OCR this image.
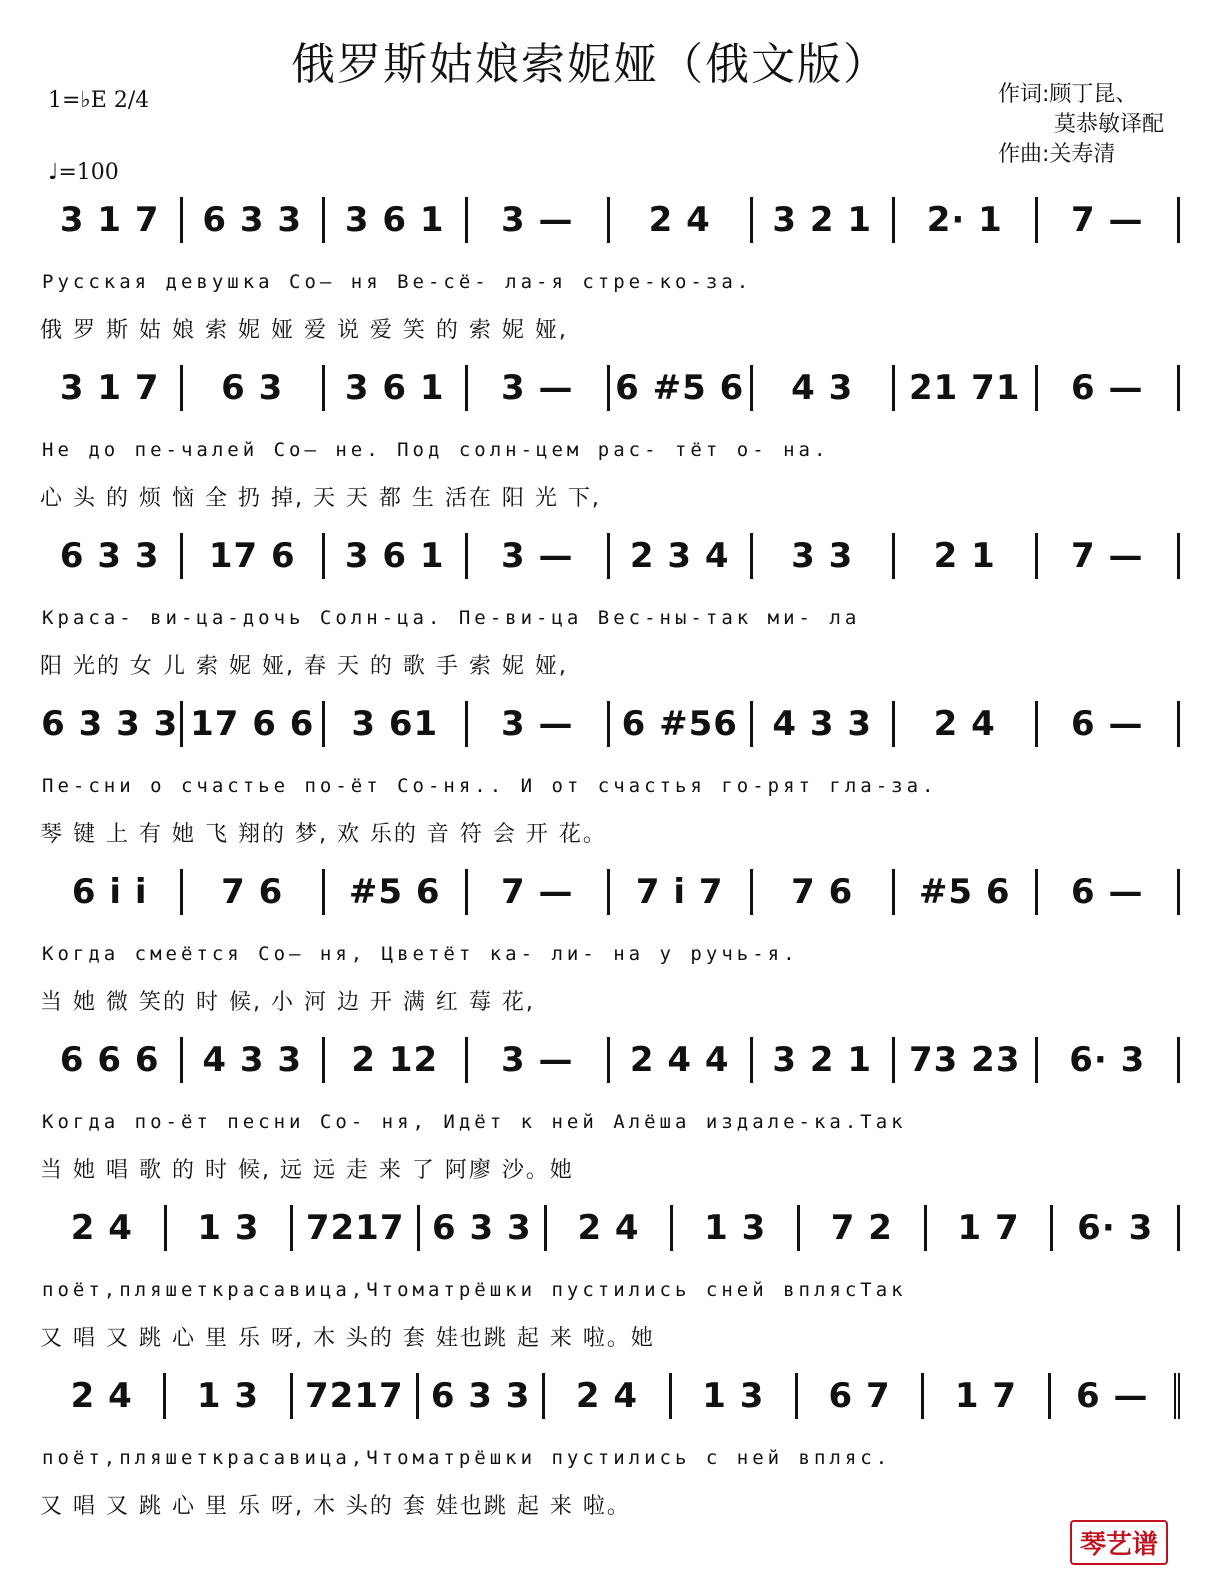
俄罗斯姑娘索妮娅（俄文版）
作词:顾丁昆、
莫恭敏译配
作曲:关寿清
1=♭E 2/4
♩=100
3 1 7	6 3 3	3 6 1	3 —	2 4	3 2 1	2· 1	7 —
Русская девушка Со– ня Ве-сё- ла-я стре-ко-за.
俄 罗 斯 姑 娘 索 妮 娅 爱 说 爱 笑 的 索 妮 娅,
3 1 7	6 3	3 6 1	3 —	6 #5 6	4 3	21 71	6 —
Не до пе-чалей Со– не. Под солн-цем рас- тёт о- на.
心 头 的 烦 恼 全 扔 掉, 天 天 都 生 活在 阳 光 下,
6 3 3	17 6	3 6 1	3 —	2 3 4	3 3	2 1	7 —
Краса- ви-ца-дочь Солн-ца. Пе-ви-ца Вес-ны-так ми- ла
阳 光的 女 儿 索 妮 娅, 春 天 的 歌 手 索 妮 娅,
6 3 3 3 17 6 6	3 61	3 —	6 #56	4 3 3	2 4	6 —
Пе-сни о счастье по-ёт Со-ня.. И от счастья го-рят гла-за.
琴 键 上 有 她 飞 翔的 梦, 欢 乐的 音 符 会 开 花。
6 i i	7 6	#5 6	7 —	7 i 7	7 6	#5 6	6 —
Когда смеётся Со– ня, Цветёт ка- ли- на у ручь-я.
当 她 微 笑的 时 候, 小 河 边 开 满 红 莓 花,
6 6 6	4 3 3	2 12	3 —	2 4 4	3 2 1	73 23	6· 3
Когда по-ёт песни Со- ня, Идёт к ней Алёша издале-ка.Так
当 她 唱 歌 的 时 候, 远 远 走 来 了 阿廖 沙。她
2 4	1 3	7217 6 3 3	2 4	1 3	7 2	1 7	6· 3
поёт,пляшеткрасавица,Чтоматрёшки пустились сней вплясТак
又 唱 又 跳 心 里 乐 呀, 木 头的 套 娃也跳 起 来 啦。她
2 4	1 3	7217 6 3 3	2 4	1 3	6 7	1 7	6 —
поёт,пляшеткрасавица,Чтоматрёшки пустились с ней впляс.
又 唱 又 跳 心 里 乐 呀, 木 头的 套 娃也跳 起 来 啦。
琴艺谱
